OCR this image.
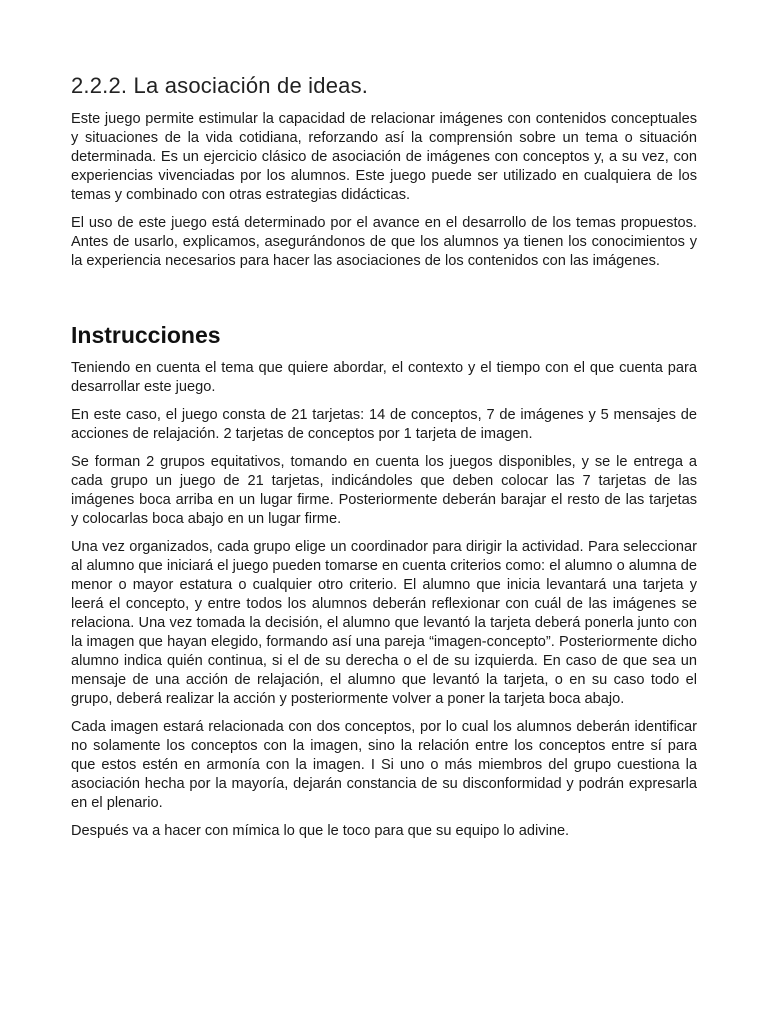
2.2.2. La asociación de ideas.

Este juego permite estimular la capacidad de relacionar imágenes con contenidos conceptuales y situaciones de la vida cotidiana, reforzando así la comprensión sobre un tema o situación determinada. Es un ejercicio clásico de asociación de imágenes con conceptos y, a su vez, con experiencias vivenciadas por los alumnos. Este juego puede ser utilizado en cualquiera de los temas y combinado con otras estrategias didácticas.

El uso de este juego está determinado por el avance en el desarrollo de los temas propuestos. Antes de usarlo, explicamos, asegurándonos de que los alumnos ya tienen los conocimientos y la experiencia necesarios para hacer las asociaciones de los contenidos con las imágenes.

Instrucciones

Teniendo en cuenta el tema que quiere abordar, el contexto y el tiempo con el que cuenta para desarrollar este juego.

En este caso, el juego consta de 21 tarjetas: 14 de conceptos, 7 de imágenes y 5 mensajes de acciones de relajación. 2 tarjetas de conceptos por 1 tarjeta de imagen.

Se forman 2 grupos equitativos, tomando en cuenta los juegos disponibles, y se le entrega a cada grupo un juego de 21 tarjetas, indicándoles que deben colocar las 7 tarjetas de las imágenes boca arriba en un lugar firme. Posteriormente deberán barajar el resto de las tarjetas y colocarlas boca abajo en un lugar firme.

Una vez organizados, cada grupo elige un coordinador para dirigir la actividad. Para seleccionar al alumno que iniciará el juego pueden tomarse en cuenta criterios como: el alumno o alumna de menor o mayor estatura o cualquier otro criterio. El alumno que inicia levantará una tarjeta y leerá el concepto, y entre todos los alumnos deberán reflexionar con cuál de las imágenes se relaciona. Una vez tomada la decisión, el alumno que levantó la tarjeta deberá ponerla junto con la imagen que hayan elegido, formando así una pareja “imagen-concepto”. Posteriormente dicho alumno indica quién continua, si el de su derecha o el de su izquierda. En caso de que sea un mensaje de una acción de relajación, el alumno que levantó la tarjeta, o en su caso todo el grupo, deberá realizar la acción y posteriormente volver a poner la tarjeta boca abajo.

Cada imagen estará relacionada con dos conceptos, por lo cual los alumnos deberán identificar no solamente los conceptos con la imagen, sino la relación entre los conceptos entre sí para que estos estén en armonía con la imagen. I Si uno o más miembros del grupo cuestiona la asociación hecha por la mayoría, dejarán constancia de su disconformidad y podrán expresarla en el plenario.

Después va a hacer con mímica lo que le toco para que su equipo lo adivine.
